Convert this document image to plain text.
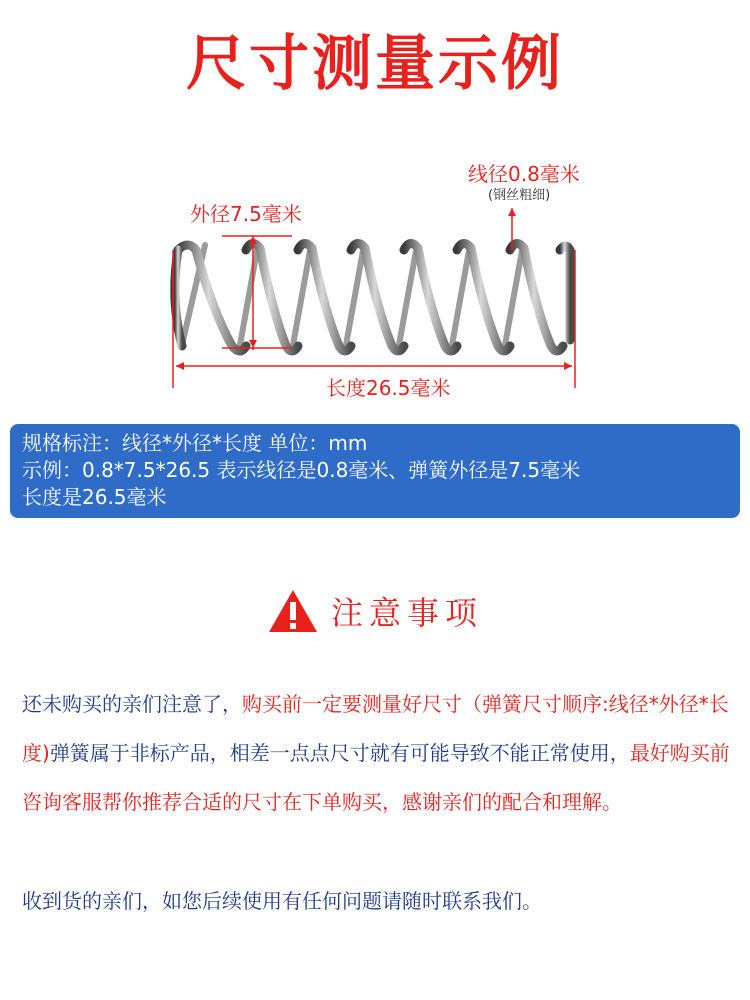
尺寸测量示例
线径0.8毫米
(钢丝粗细)
外径7.5毫米
长度26.5毫米
规格标注：线径*外径*长度 单位：mm
示例：0.8*7.5*26.5 表示线径是0.8毫米、弹簧外径是7.5毫米
长度是26.5毫米
注意事项
还未购买的亲们注意了，购买前一定要测量好尺寸（弹簧尺寸顺序:线径*外径*长度)弹簧属于非标产品，相差一点点尺寸就有可能导致不能正常使用，最好购买前咨询客服帮你推荐合适的尺寸在下单购买，感谢亲们的配合和理解。
收到货的亲们，如您后续使用有任何问题请随时联系我们。
